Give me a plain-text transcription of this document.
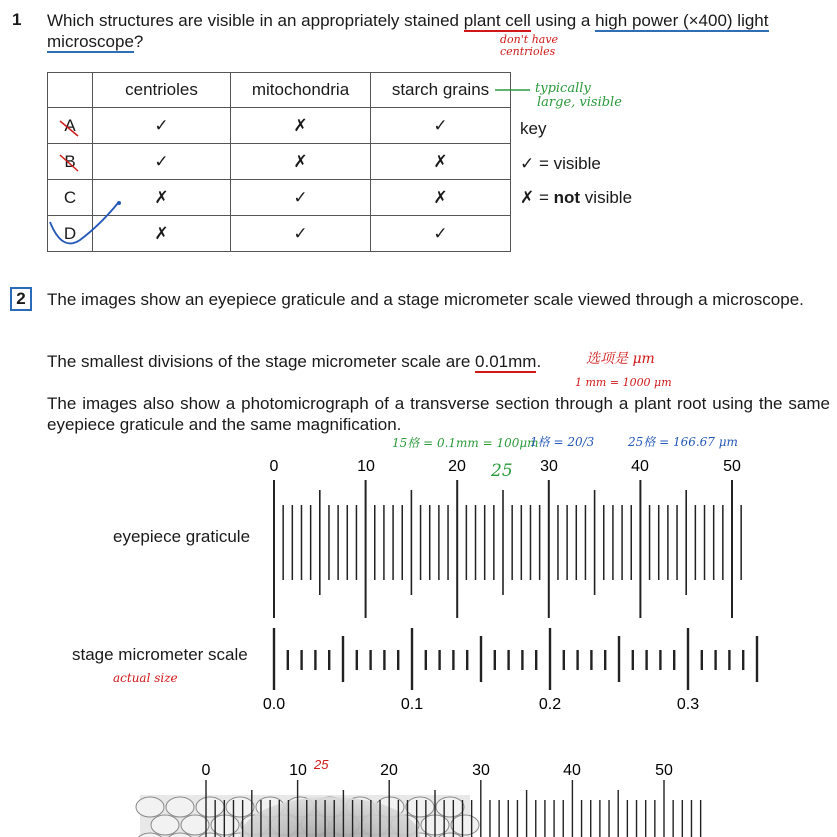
1 Which structures are visible in an appropriately stained plant cell using a high power (×400) light
microscope?	don't have
centrioles
	centrioles	mitochondria	starch grains
A	✓	✗	✓
B	✓	✗	✗
C	✗	✓	✗
D	✗	✓	✓
typically
large, visible
key
✓ = visible
✗ = not visible
2	The images show an eyepiece graticule and a stage micrometer scale viewed through a microscope.
The smallest divisions of the stage micrometer scale are 0.01mm.	选项是 μm
1 mm = 1000 μm
The images also show a photomicrograph of a transverse section through a plant root using the same eyepiece graticule and the same magnification.
15格 = 0.1mm = 100μm
1格 = 20/3	25格 = 166.67 μm
25
eyepiece graticule
stage micrometer scale
actual size
0	10	20	30	40	50
0.0	0.1	0.2	0.3
0	10	20	30	40	50
25
